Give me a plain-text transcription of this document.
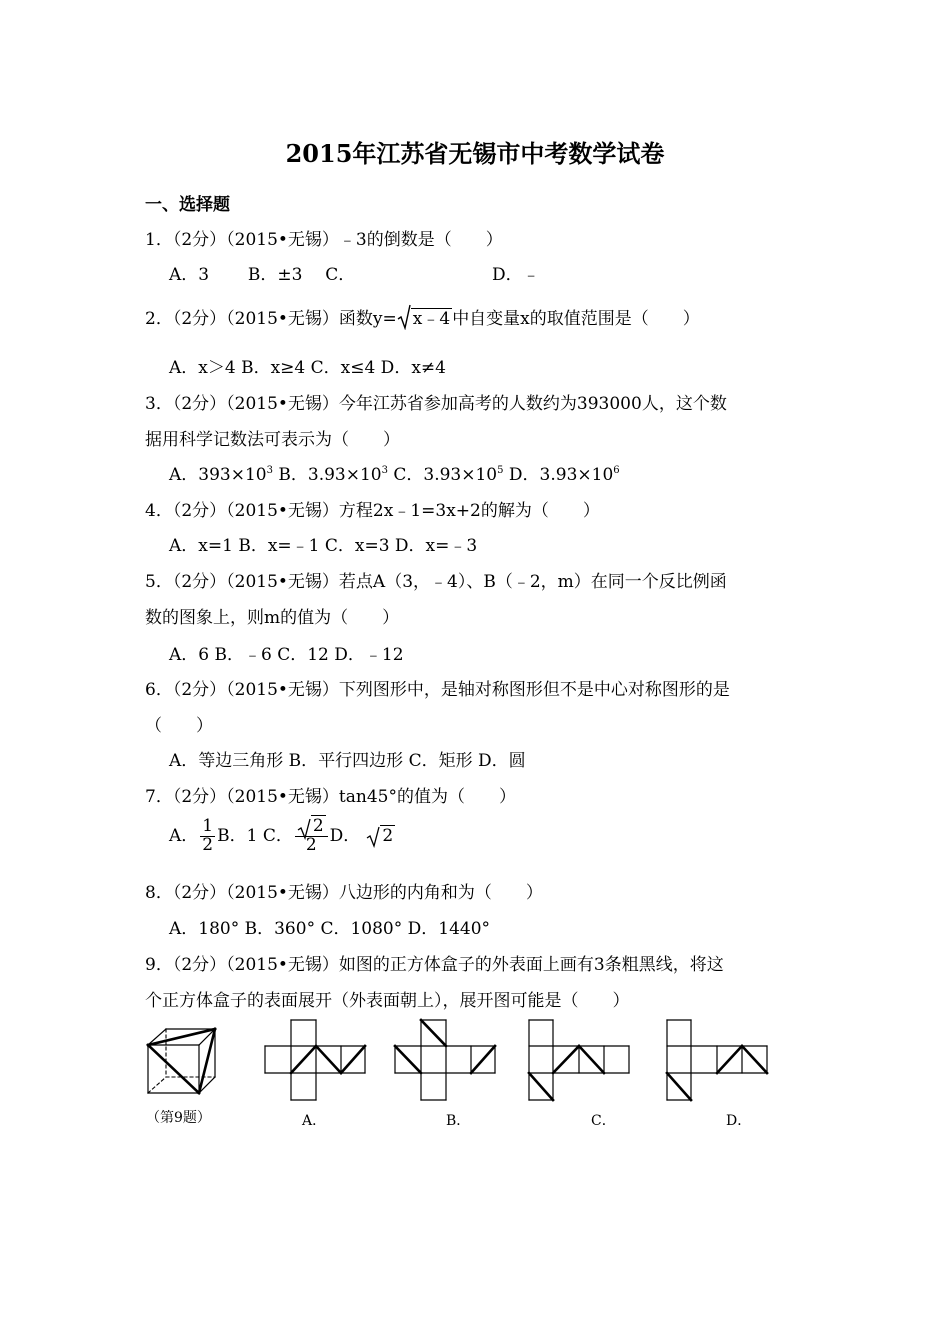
2015年江苏省无锡市中考数学试卷
一、选择题
1．（2分）（2015•无锡）﹣3的倒数是（　　）
A．3 B．±3 C．	D．﹣
2．（2分）（2015•无锡）函数y= x﹣4 中自变量x的取值范围是（　　）
A．x＞4 B．x≥4 C．x≤4 D．x≠4
3．（2分）（2015•无锡）今年江苏省参加高考的人数约为393000人，这个数
据用科学记数法可表示为（　　）
A．$393\times 10^3$ B．$3.93\times 10^3$ C．$3.93\times 10^5$ D．$3.93\times 10^6$
4．（2分）（2015•无锡）方程2x﹣1=3x+2的解为（　　）
A．x=1 B．x=﹣1 C．x=3 D．x=﹣3
5．（2分）（2015•无锡）若点A（3，﹣4）、B（﹣2，m）在同一个反比例函
数的图象上，则m的值为（　　）
A．6 B．﹣6 C．12 D．﹣12
6．（2分）（2015•无锡）下列图形中，是轴对称图形但不是中心对称图形的是
（　　）
A．等边三角形 B．平行四边形 C．矩形 D．圆
7．（2分）（2015•无锡）tan45°的值为（　　）
A． $\frac{1}{2}$ B．1 C． $\frac{2}{2}$ D． 2
8．（2分）（2015•无锡）八边形的内角和为（　　）
A．180° B．360° C．1080° D．1440°
9．（2分）（2015•无锡）如图的正方体盒子的外表面上画有3条粗黑线，将这
个正方体盒子的表面展开（外表面朝上），展开图可能是（　　）
（第9题）	A．	B．	C．	D．
